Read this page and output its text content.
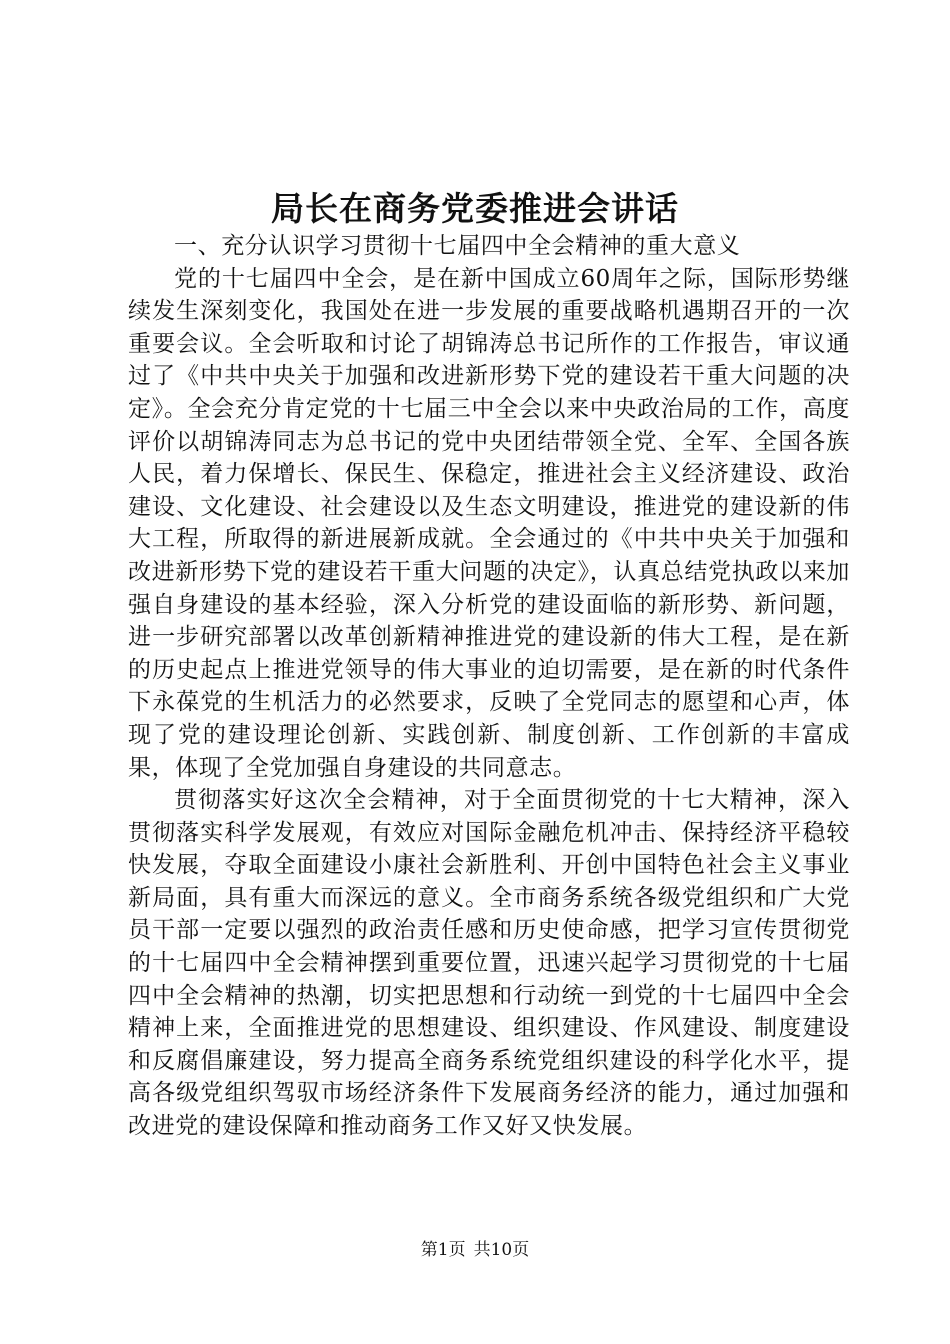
局长在商务党委推进会讲话

一、充分认识学习贯彻十七届四中全会精神的重大意义

党的十七届四中全会，是在新中国成立60周年之际，国际形势继续发生深刻变化，我国处在进一步发展的重要战略机遇期召开的一次重要会议。全会听取和讨论了胡锦涛总书记所作的工作报告，审议通过了《中共中央关于加强和改进新形势下党的建设若干重大问题的决定》。全会充分肯定党的十七届三中全会以来中央政治局的工作，高度评价以胡锦涛同志为总书记的党中央团结带领全党、全军、全国各族人民，着力保增长、保民生、保稳定，推进社会主义经济建设、政治建设、文化建设、社会建设以及生态文明建设，推进党的建设新的伟大工程，所取得的新进展新成就。全会通过的《中共中央关于加强和改进新形势下党的建设若干重大问题的决定》，认真总结党执政以来加强自身建设的基本经验，深入分析党的建设面临的新形势、新问题，进一步研究部署以改革创新精神推进党的建设新的伟大工程，是在新的历史起点上推进党领导的伟大事业的迫切需要，是在新的时代条件下永葆党的生机活力的必然要求，反映了全党同志的愿望和心声，体现了党的建设理论创新、实践创新、制度创新、工作创新的丰富成果，体现了全党加强自身建设的共同意志。

贯彻落实好这次全会精神，对于全面贯彻党的十七大精神，深入贯彻落实科学发展观，有效应对国际金融危机冲击、保持经济平稳较快发展，夺取全面建设小康社会新胜利、开创中国特色社会主义事业新局面，具有重大而深远的意义。全市商务系统各级党组织和广大党员干部一定要以强烈的政治责任感和历史使命感，把学习宣传贯彻党的十七届四中全会精神摆到重要位置，迅速兴起学习贯彻党的十七届四中全会精神的热潮，切实把思想和行动统一到党的十七届四中全会精神上来，全面推进党的思想建设、组织建设、作风建设、制度建设和反腐倡廉建设，努力提高全商务系统党组织建设的科学化水平，提高各级党组织驾驭市场经济条件下发展商务经济的能力，通过加强和改进党的建设保障和推动商务工作又好又快发展。

第1页 共10页
